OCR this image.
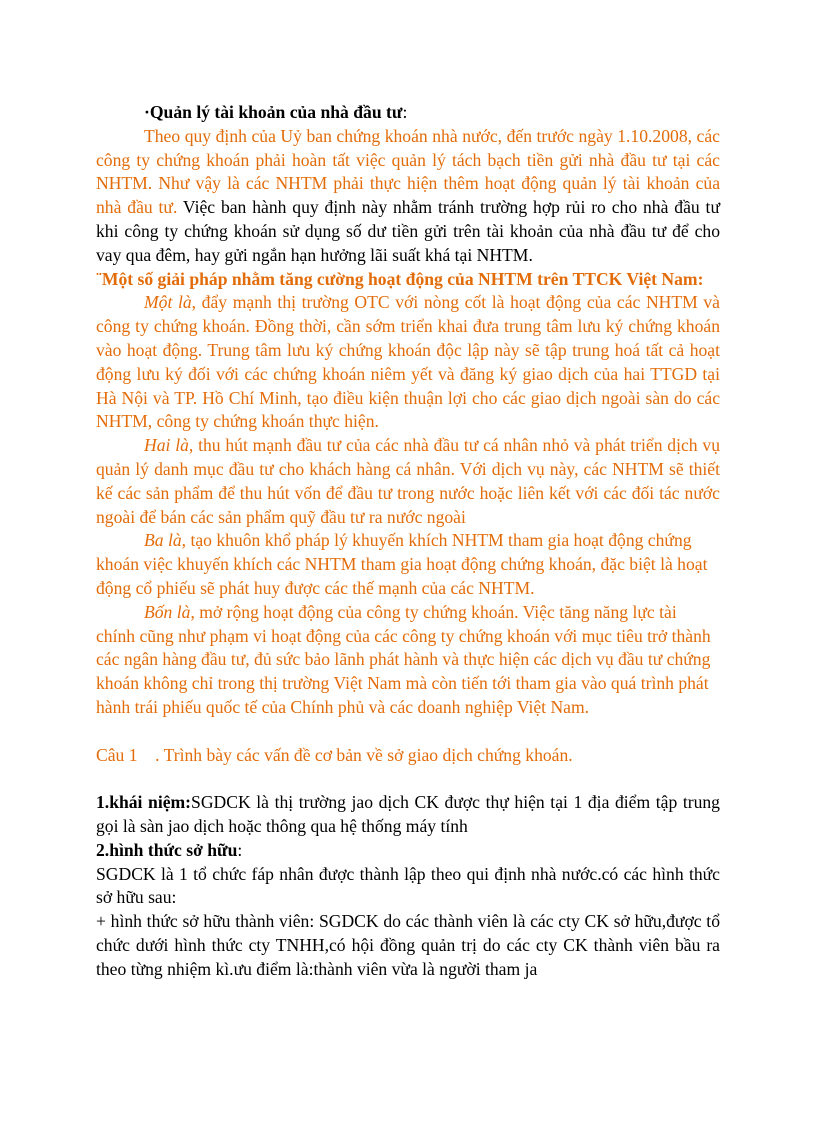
·Quản lý tài khoản của nhà đầu tư:

Theo quy định của Uỷ ban chứng khoán nhà nước, đến trước ngày 1.10.2008, các công ty chứng khoán phải hoàn tất việc quản lý tách bạch tiền gửi nhà đầu tư tại các NHTM. Như vậy là các NHTM phải thực hiện thêm hoạt động quản lý tài khoản của nhà đầu tư. Việc ban hành quy định này nhằm tránh trường hợp rủi ro cho nhà đầu tư khi công ty chứng khoán sử dụng số dư tiền gửi trên tài khoản của nhà đầu tư để cho vay qua đêm, hay gửi ngắn hạn hưởng lãi suất khá tại NHTM.

¨Một số giải pháp nhằm tăng cường hoạt động của NHTM trên TTCK Việt Nam:

Một là, đẩy mạnh thị trường OTC với nòng cốt là hoạt động của các NHTM và công ty chứng khoán. Đồng thời, cần sớm triển khai đưa trung tâm lưu ký chứng khoán vào hoạt động. Trung tâm lưu ký chứng khoán độc lập này sẽ tập trung hoá tất cả hoạt động lưu ký đối với các chứng khoán niêm yết và đăng ký giao dịch của hai TTGD tại Hà Nội và TP. Hồ Chí Minh, tạo điều kiện thuận lợi cho các giao dịch ngoài sàn do các NHTM, công ty chứng khoán thực hiện.

Hai là, thu hút mạnh đầu tư của các nhà đầu tư cá nhân nhỏ và phát triển dịch vụ quản lý danh mục đầu tư cho khách hàng cá nhân. Với dịch vụ này, các NHTM sẽ thiết kế các sản phẩm để thu hút vốn để đầu tư trong nước hoặc liên kết với các đối tác nước ngoài để bán các sản phẩm quỹ đầu tư ra nước ngoài

Ba là, tạo khuôn khổ pháp lý khuyến khích NHTM tham gia hoạt động chứng khoán việc khuyến khích các NHTM tham gia hoạt động chứng khoán, đặc biệt là hoạt động cổ phiếu sẽ phát huy được các thế mạnh của các NHTM.

Bốn là, mở rộng hoạt động của công ty chứng khoán. Việc tăng năng lực tài chính cũng như phạm vi hoạt động của các công ty chứng khoán với mục tiêu trở thành các ngân hàng đầu tư, đủ sức bảo lãnh phát hành và thực hiện các dịch vụ đầu tư chứng khoán không chỉ trong thị trường Việt Nam mà còn tiến tới tham gia vào quá trình phát hành trái phiếu quốc tế của Chính phủ và các doanh nghiệp Việt Nam.

Câu 1    . Trình bày các vấn đề cơ bản về sở giao dịch chứng khoán.

1.khái niệm:SGDCK là thị trường jao dịch CK được thự hiện tại 1 địa điểm tập trung gọi là sàn jao dịch hoặc thông qua hệ thống máy tính

2.hình thức sở hữu:

SGDCK là 1 tổ chức fáp nhân được thành lập theo qui định nhà nước.có các hình thức sở hữu sau:

+ hình thức sở hữu thành viên: SGDCK do các thành viên là các cty CK sở hữu,được tổ chức dưới hình thức cty TNHH,có hội đồng quản trị do các cty CK thành viên bầu ra theo từng nhiệm kì.ưu điểm là:thành viên vừa là người tham ja
